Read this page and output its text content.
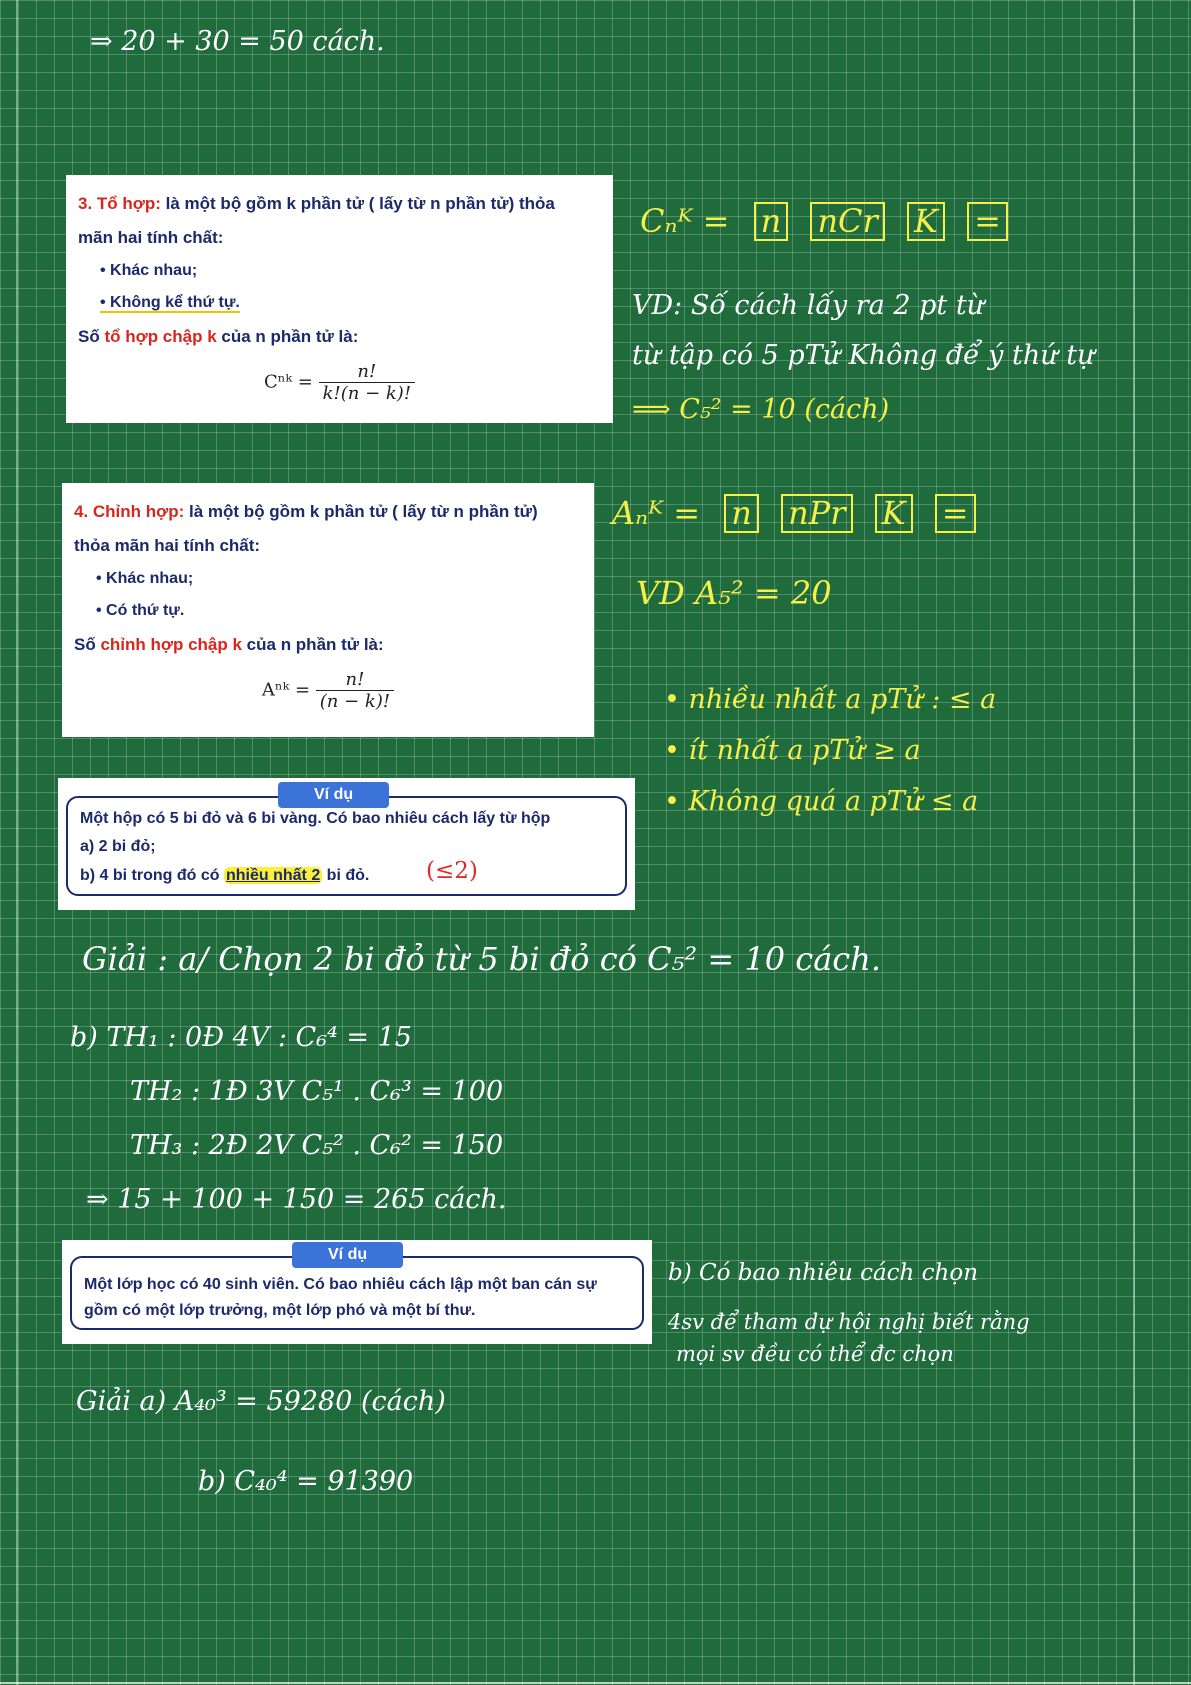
⇒ 20 + 30 = 50 cách.
3. Tổ hợp: là một bộ gồm k phần tử ( lấy từ n phần tử) thỏa
mãn hai tính chất:
• Khác nhau;
• Không kể thứ tự.
Số tổ hợp chập k của n phần tử là:
Cⁿᵏ = $\frac{n!}{k!(n - k)!}$
Cₙᴷ = n nCr K =
VD: Số cách lấy ra 2 pt từ
từ tập có 5 pTử Không để ý thứ tự
⟹ C₅² = 10 (cách)
4. Chỉnh hợp: là một bộ gồm k phần tử ( lấy từ n phần tử)
thỏa mãn hai tính chất:
• Khác nhau;
• Có thứ tự.
Số chỉnh hợp chập k của n phần tử là:
Aⁿᵏ = $\frac{n!}{(n - k)!}$
Aₙᴷ = n nPr K =
VD A₅² = 20
• nhiều nhất a pTử : ≤ a
• ít nhất a pTử ≥ a
• Không quá a pTử ≤ a
Ví dụ
Một hộp có 5 bi đỏ và 6 bi vàng. Có bao nhiêu cách lấy từ hộp
a) 2 bi đỏ;
b) 4 bi trong đó có nhiều nhất 2 bi đỏ. (≤2)
Giải : a/ Chọn 2 bi đỏ từ 5 bi đỏ có C₅² = 10 cách.
b) TH₁ : 0Đ 4V : C₆⁴ = 15
TH₂ : 1Đ 3V C₅¹ . C₆³ = 100
TH₃ : 2Đ 2V C₅² . C₆² = 150
⇒ 15 + 100 + 150 = 265 cách.
Ví dụ
Một lớp học có 40 sinh viên. Có bao nhiêu cách lập một ban cán sự
gồm có một lớp trưởng, một lớp phó và một bí thư.
b) Có bao nhiêu cách chọn
4sv để tham dự hội nghị biết rằng
mọi sv đều có thể đc chọn
Giải a) A₄₀³ = 59280 (cách)
b) C₄₀⁴ = 91390
